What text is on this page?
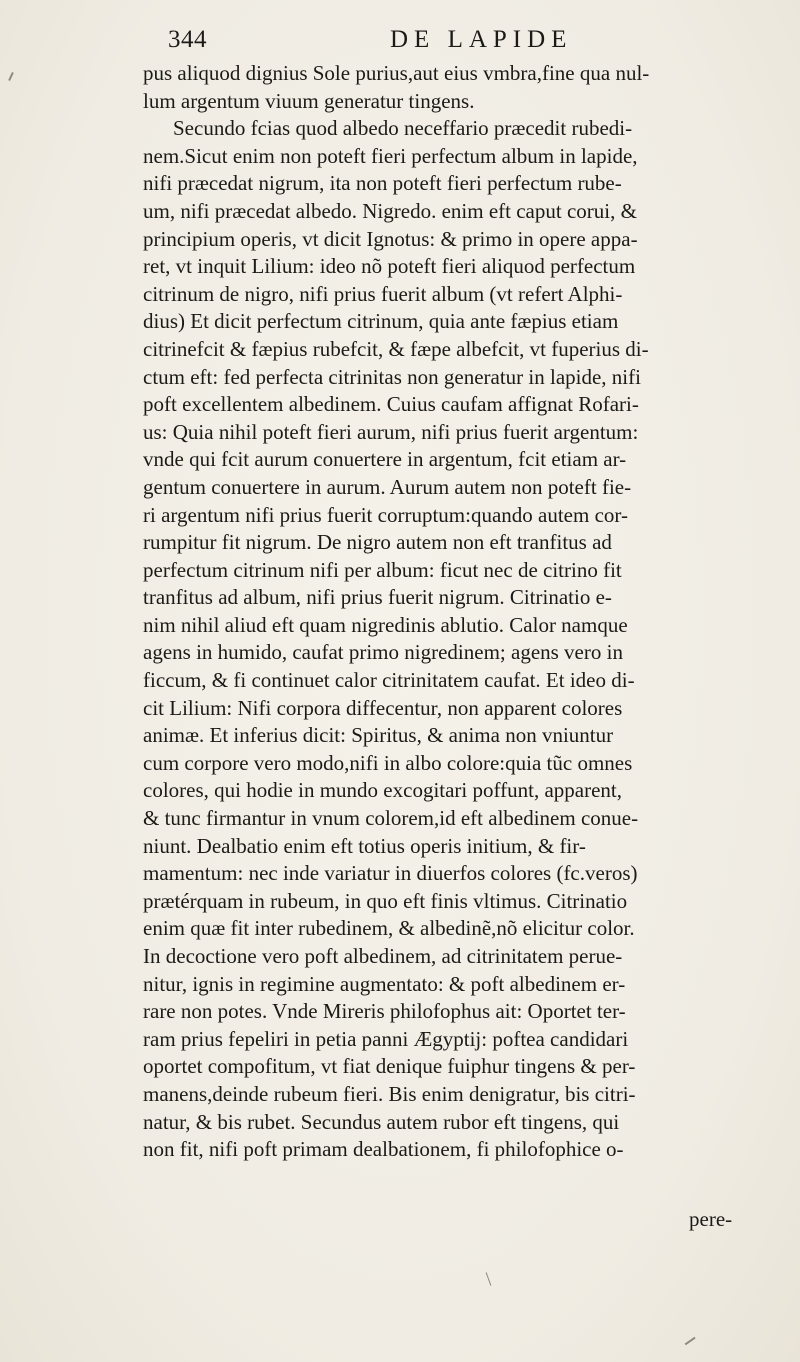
344	DE LAPIDE
pus aliquod dignius Sole purius,aut eius vmbra,fine qua nul-
lum argentum viuum generatur tingens.
Secundo fcias quod albedo neceffario præcedit rubedi-
nem.Sicut enim non poteft fieri perfectum album in lapide,
nifi præcedat nigrum, ita non poteft fieri perfectum rube-
um, nifi præcedat albedo. Nigredo. enim eft caput corui, &
principium operis, vt dicit Ignotus: & primo in opere appa-
ret, vt inquit Lilium: ideo nõ poteft fieri aliquod perfectum
citrinum de nigro, nifi prius fuerit album (vt refert Alphi-
dius) Et dicit perfectum citrinum, quia ante fæpius etiam
citrinefcit & fæpius rubefcit, & fæpe albefcit, vt fuperius di-
ctum eft: fed perfecta citrinitas non generatur in lapide, nifi
poft excellentem albedinem. Cuius caufam affignat Rofari-
us: Quia nihil poteft fieri aurum, nifi prius fuerit argentum:
vnde qui fcit aurum conuertere in argentum, fcit etiam ar-
gentum conuertere in aurum. Aurum autem non poteft fie-
ri argentum nifi prius fuerit corruptum:quando autem cor-
rumpitur fit nigrum. De nigro autem non eft tranfitus ad
perfectum citrinum nifi per album: ficut nec de citrino fit
tranfitus ad album, nifi prius fuerit nigrum. Citrinatio e-
nim nihil aliud eft quam nigredinis ablutio. Calor namque
agens in humido, caufat primo nigredinem; agens vero in
ficcum, & fi continuet calor citrinitatem caufat. Et ideo di-
cit Lilium: Nifi corpora diffecentur, non apparent colores
animæ. Et inferius dicit: Spiritus, & anima non vniuntur
cum corpore vero modo,nifi in albo colore:quia tũc omnes
colores, qui hodie in mundo excogitari poffunt, apparent,
& tunc firmantur in vnum colorem,id eft albedinem conue-
niunt. Dealbatio enim eft totius operis initium, & fir-
mamentum: nec inde variatur in diuerfos colores (fc.veros)
prætérquam in rubeum, in quo eft finis vltimus. Citrinatio
enim quæ fit inter rubedinem, & albedinẽ,nõ elicitur color.
In decoctione vero poft albedinem, ad citrinitatem perue-
nitur, ignis in regimine augmentato: & poft albedinem er-
rare non potes. Vnde Mireris philofophus ait: Oportet ter-
ram prius fepeliri in petia panni Ægyptij: poftea candidari
oportet compofitum, vt fiat denique fuiphur tingens & per-
manens,deinde rubeum fieri. Bis enim denigratur, bis citri-
natur, & bis rubet. Secundus autem rubor eft tingens, qui
non fit, nifi poft primam dealbationem, fi philofophice o-
pere-
